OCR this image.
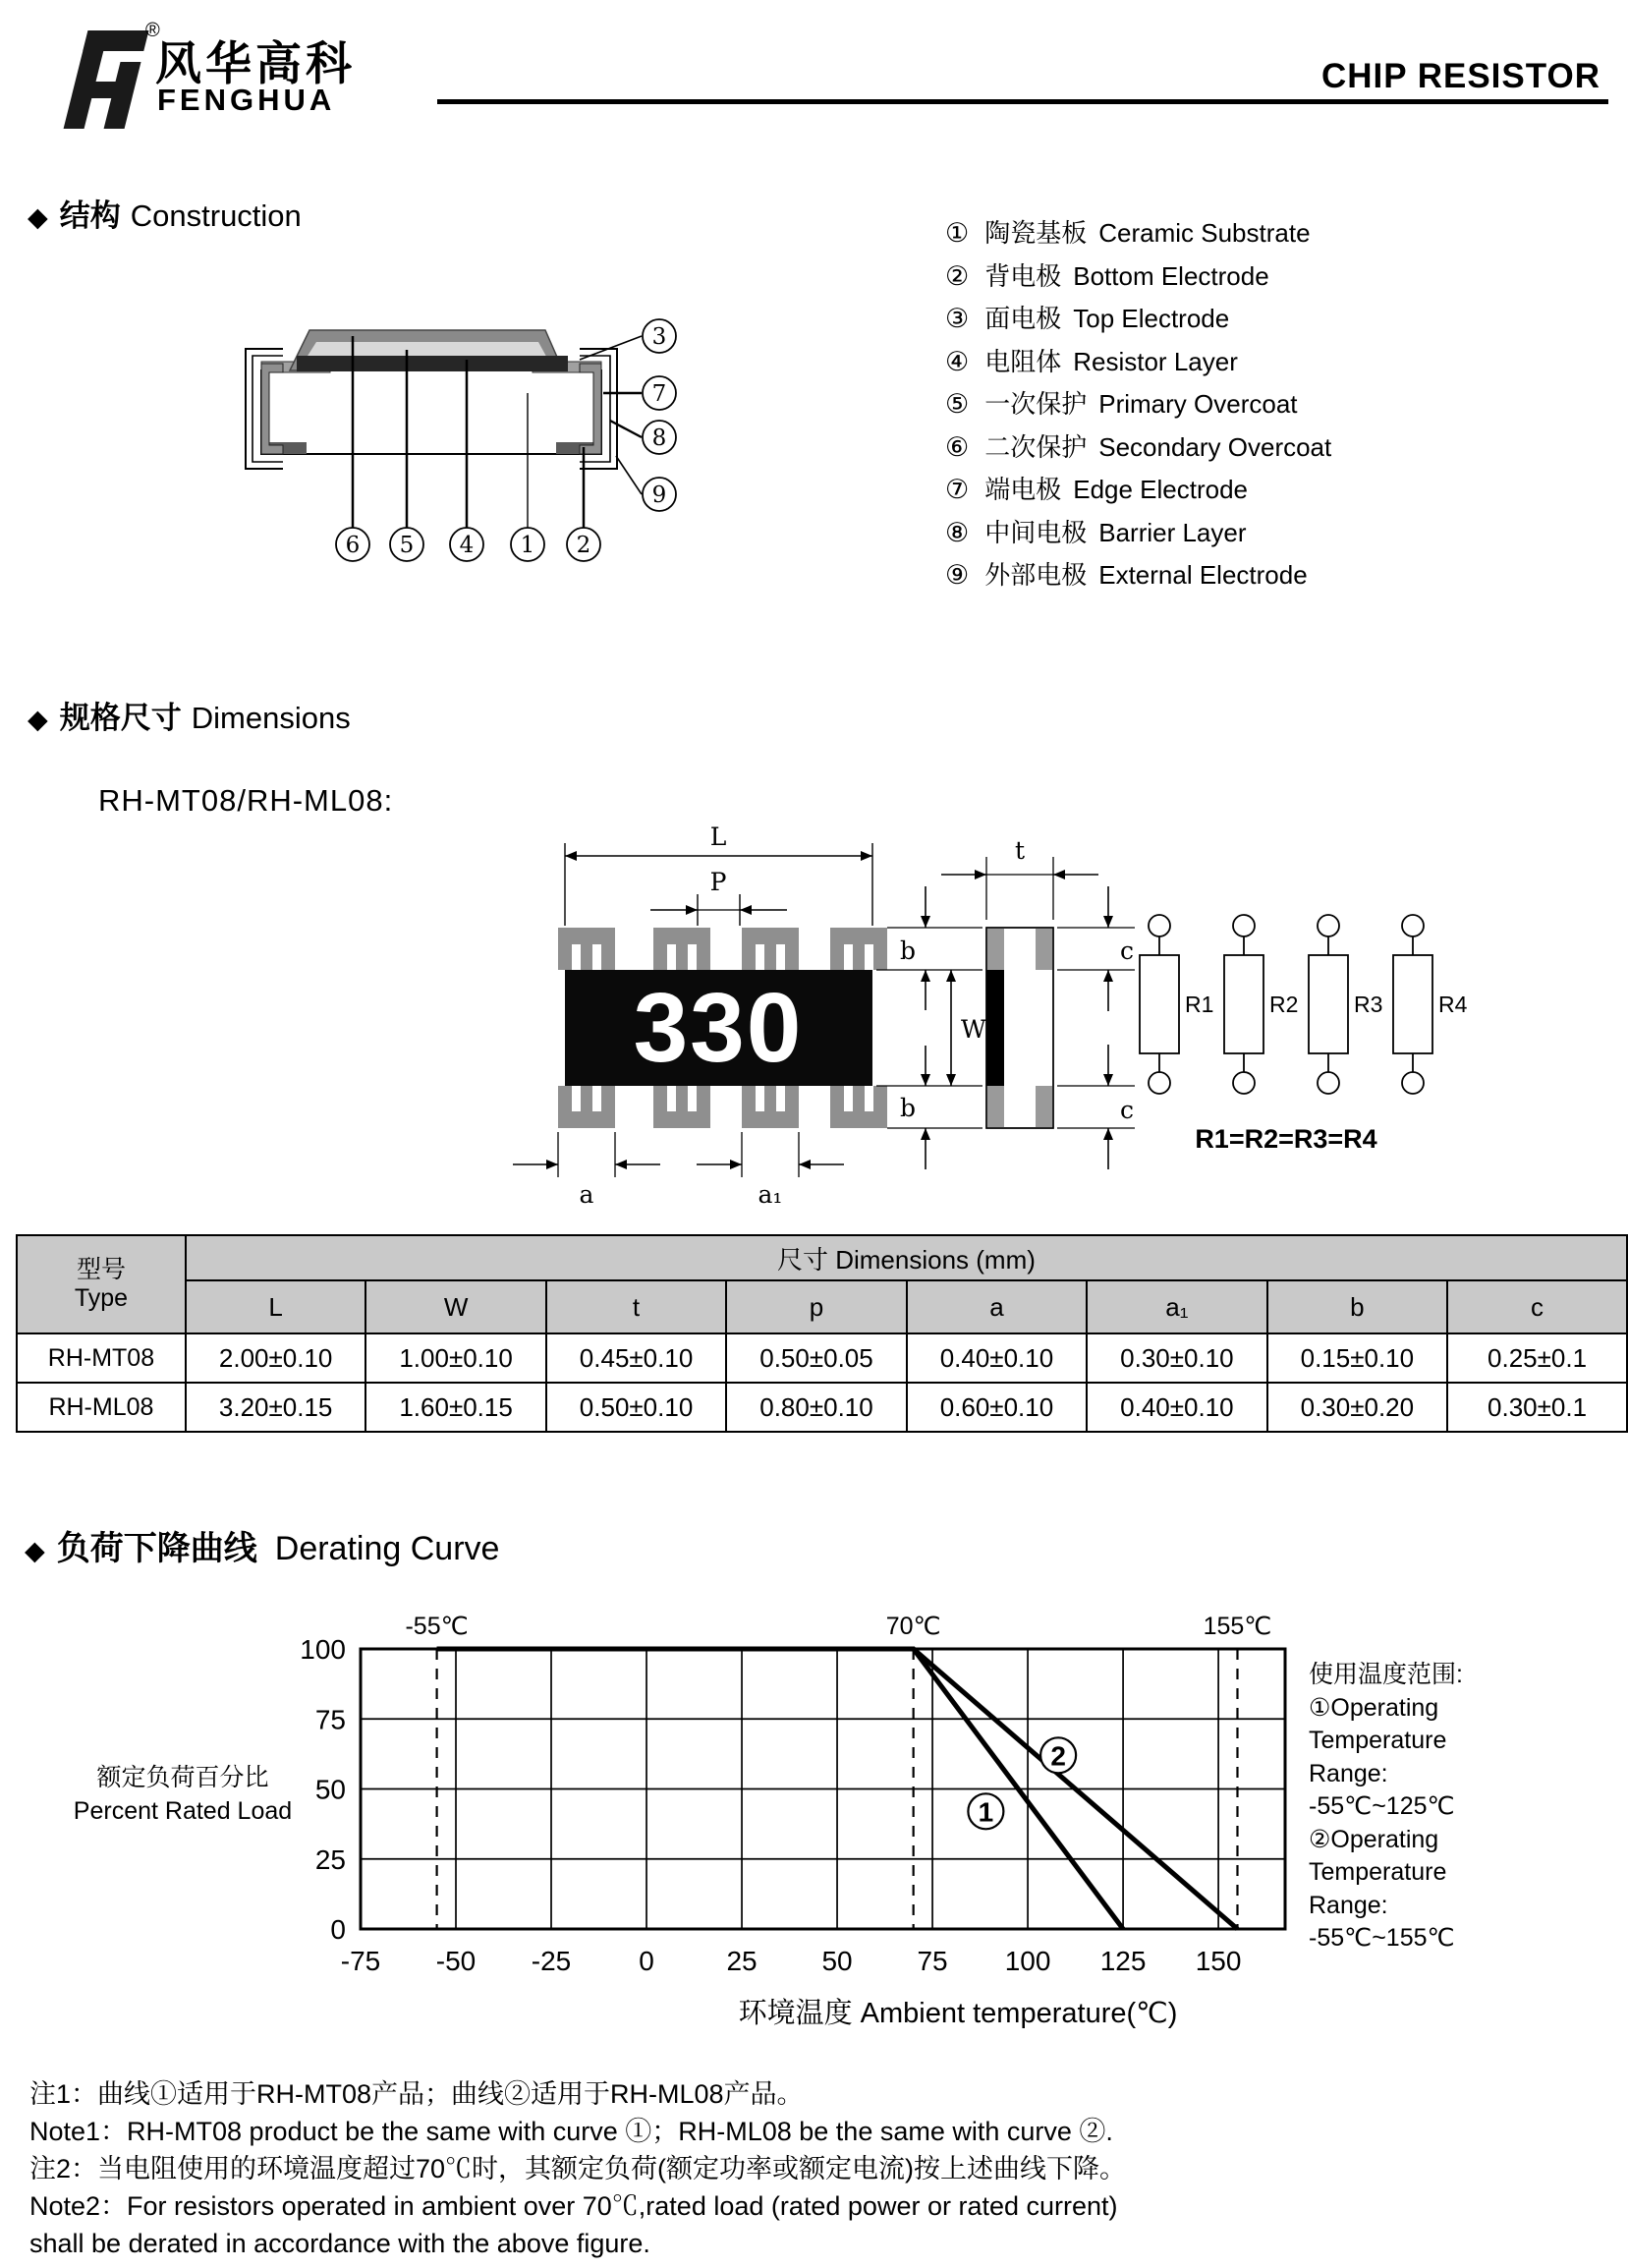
®
风华高科
FENGHUA
CHIP RESISTOR
◆ 结构 Construction	① 陶瓷基板 Ceramic Substrate
② 背电极 Bottom Electrode
③ 面电极 Top Electrode
④ 电阻体 Resistor Layer
⑤ 一次保护 Primary Overcoat
⑥ 二次保护 Secondary Overcoat
⑦ 端电极 Edge Electrode
⑧ 中间电极 Barrier Layer
⑨ 外部电极 External Electrode
6 5 4 1 2
3
7
8
9
◆ 规格尺寸 Dimensions
RH-MT08/RH-ML08:
330
L
P
b
W
b
a	a₁
t
c
c
R1 R2 R3 R4
R1=R2=R3=R4
型号
Type	尺寸 Dimensions (mm)							
	L	W	t	p	a	a₁	b	c
RH-MT08	2.00±0.10	1.00±0.10	0.45±0.10	0.50±0.05	0.40±0.10	0.30±0.10	0.15±0.10	0.25±0.1
RH-ML08	3.20±0.15	1.60±0.15	0.50±0.10	0.80±0.10	0.60±0.10	0.40±0.10	0.30±0.20	0.30±0.1
◆ 负荷下降曲线 Derating Curve
1
2
-75 -50 -25 0	25 50 75 100 125 150
0
25
50
75
100
-55℃	70℃	155℃
额定负荷百分比
Percent Rated Load
环境温度 Ambient temperature(℃)
使用温度范围:
①Operating
Temperature
Range:
-55℃~125℃
②Operating
Temperature
Range:
-55℃~155℃
注1：曲线①适用于RH-MT08产品；曲线②适用于RH-ML08产品。
Note1：RH-MT08 product be the same with curve ①；RH-ML08 be the same with curve ②.
注2：当电阻使用的环境温度超过70℃时，其额定负荷(额定功率或额定电流)按上述曲线下降。
Note2：For resistors operated in ambient over 70℃,rated load (rated power or rated current)
shall be derated in accordance with the above figure.
